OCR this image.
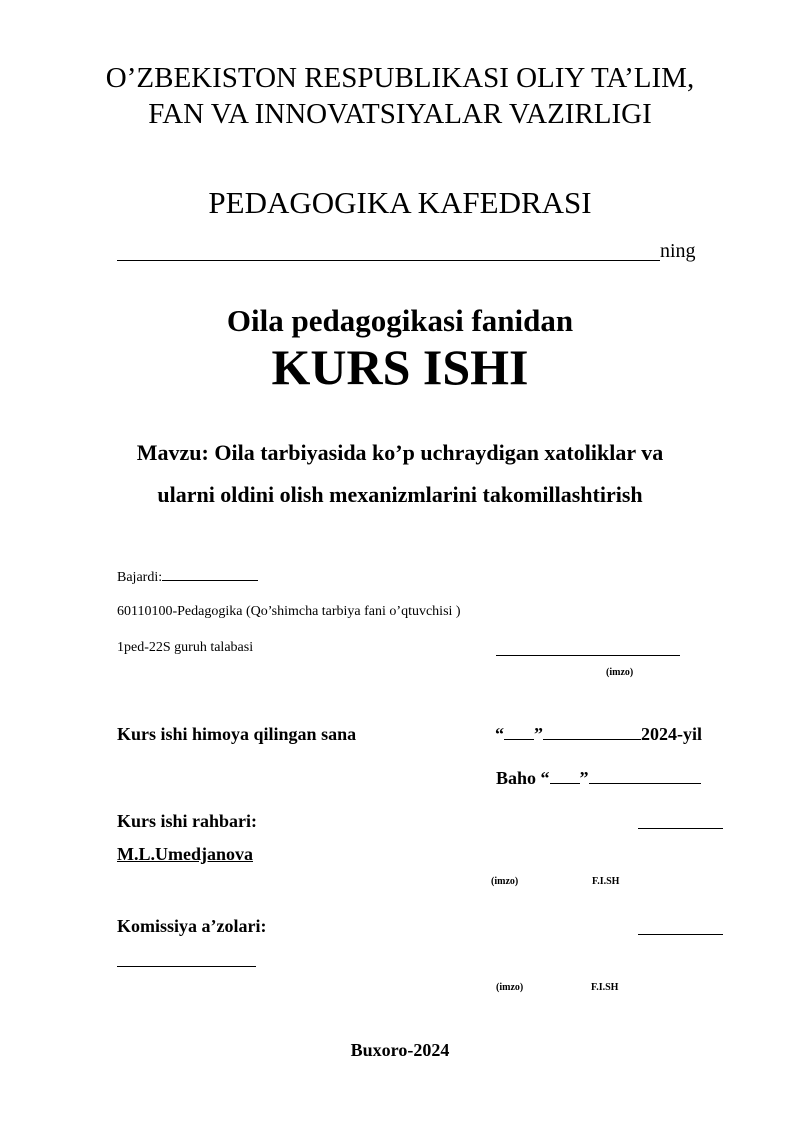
O’ZBEKISTON RESPUBLIKASI OLIY TA’LIM,
FAN VA INNOVATSIYALAR VAZIRLIGI
PEDAGOGIKA KAFEDRASI
ning
Oila pedagogikasi fanidan
KURS ISHI
Mavzu: Oila tarbiyasida ko’p uchraydigan xatoliklar va
ularni oldini olish mexanizmlarini takomillashtirish
Bajardi:
60110100-Pedagogika (Qo’shimcha tarbiya fani o’qtuvchisi )
1ped-22S guruh talabasi
(imzo)
Kurs ishi himoya qilingan sana	“ ”	2024-yil
Baho “ ”
Kurs ishi rahbari:
M.L.Umedjanova
(imzo)	F.I.SH
Komissiya a’zolari:
(imzo)	F.I.SH
Buxoro-2024
